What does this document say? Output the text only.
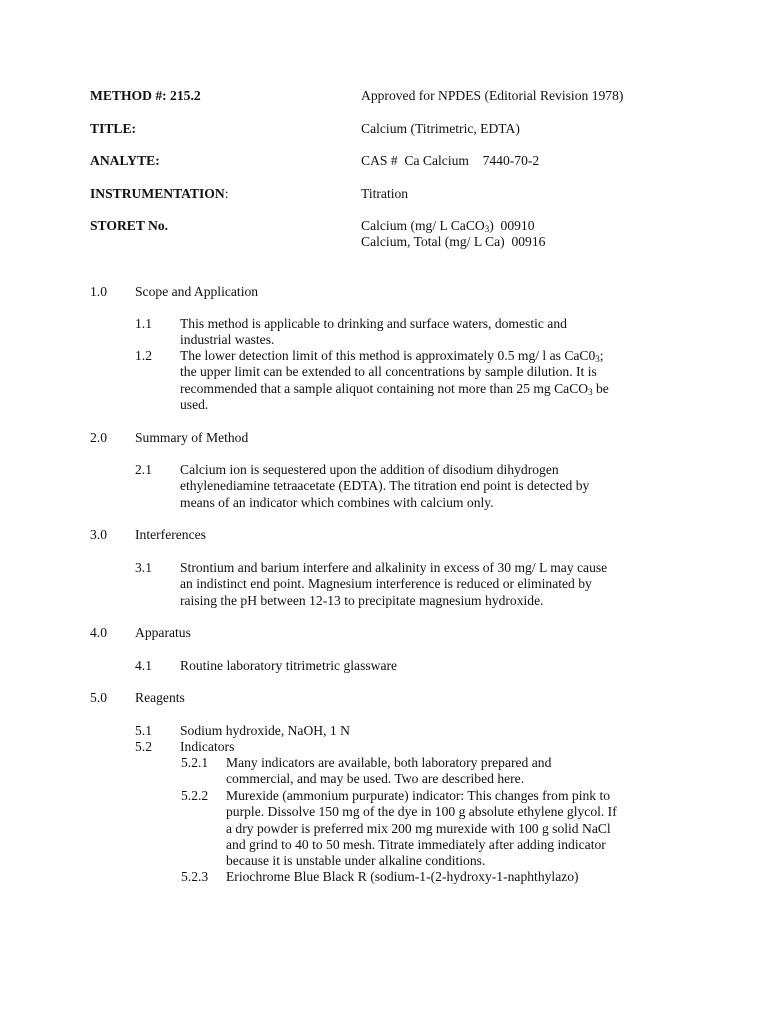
METHOD #: 215.2	Approved for NPDES (Editorial Revision 1978)
TITLE:	Calcium (Titrimetric, EDTA)
ANALYTE:	CAS #  Ca Calcium    7440-70-2
INSTRUMENTATION:	Titration
STORET No.	Calcium (mg/ L CaCO$_3$)  00910
Calcium, Total (mg/ L Ca)  00916
1.0 Scope and Application
1.1 This method is applicable to drinking and surface waters, domestic and
industrial wastes.
1.2 The lower detection limit of this method is approximately 0.5 mg/ l as $CaC0_3$;
the upper limit can be extended to all concentrations by sample dilution. It is
recommended that a sample aliquot containing not more than 25 mg CaCO$_3$ be
used.
2.0 Summary of Method
2.1 Calcium ion is sequestered upon the addition of disodium dihydrogen
ethylenediamine tetraacetate (EDTA). The titration end point is detected by
means of an indicator which combines with calcium only.
3.0 Interferences
3.1 Strontium and barium interfere and alkalinity in excess of 30 mg/ L may cause
an indistinct end point. Magnesium interference is reduced or eliminated by
raising the pH between 12-13 to precipitate magnesium hydroxide.
4.0 Apparatus
4.1 Routine laboratory titrimetric glassware
5.0 Reagents
5.1 Sodium hydroxide, NaOH, 1 N
5.2 Indicators
5.2.1 Many indicators are available, both laboratory prepared and
commercial, and may be used. Two are described here.
5.2.2 Murexide (ammonium purpurate) indicator: This changes from pink to
purple. Dissolve 150 mg of the dye in 100 g absolute ethylene glycol. If
a dry powder is preferred mix 200 mg murexide with 100 g solid NaCl
and grind to 40 to 50 mesh. Titrate immediately after adding indicator
because it is unstable under alkaline conditions.
5.2.3 Eriochrome Blue Black R (sodium-1-(2-hydroxy-1-naphthylazo)
